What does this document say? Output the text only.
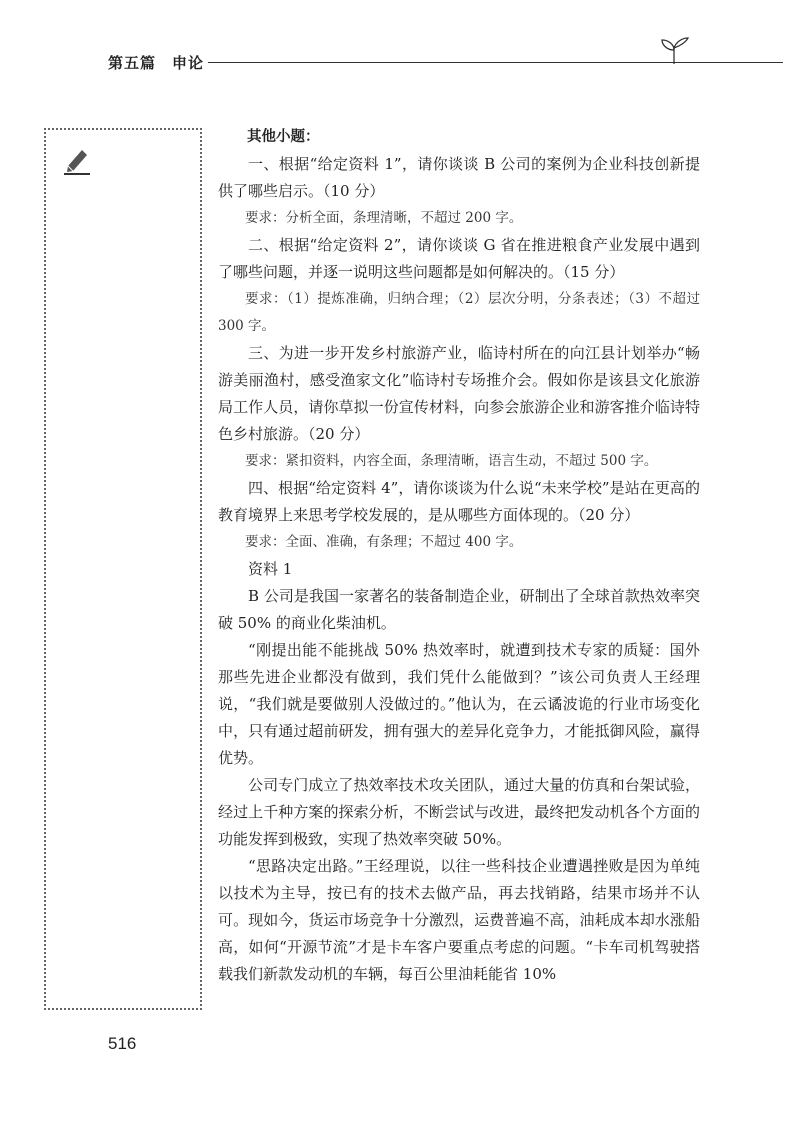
第五篇　申论

其他小题：

一、根据“给定资料 1”，请你谈谈 B 公司的案例为企业科技创新提供了哪些启示。（10 分）

要求：分析全面，条理清晰，不超过 200 字。

二、根据“给定资料 2”，请你谈谈 G 省在推进粮食产业发展中遇到了哪些问题，并逐一说明这些问题都是如何解决的。（15 分）

要求：（1）提炼准确，归纳合理；（2）层次分明，分条表述；（3）不超过 300 字。

三、为进一步开发乡村旅游产业，临诗村所在的向江县计划举办“畅游美丽渔村，感受渔家文化”临诗村专场推介会。假如你是该县文化旅游局工作人员，请你草拟一份宣传材料，向参会旅游企业和游客推介临诗特色乡村旅游。（20 分）

要求：紧扣资料，内容全面，条理清晰，语言生动，不超过 500 字。

四、根据“给定资料 4”，请你谈谈为什么说“未来学校”是站在更高的教育境界上来思考学校发展的，是从哪些方面体现的。（20 分）

要求：全面、准确，有条理；不超过 400 字。

资料 1

B 公司是我国一家著名的装备制造企业，研制出了全球首款热效率突破 50% 的商业化柴油机。

“刚提出能不能挑战 50% 热效率时，就遭到技术专家的质疑：国外那些先进企业都没有做到，我们凭什么能做到？”该公司负责人王经理说，“我们就是要做别人没做过的。”他认为，在云谲波诡的行业市场变化中，只有通过超前研发，拥有强大的差异化竞争力，才能抵御风险，赢得优势。

公司专门成立了热效率技术攻关团队，通过大量的仿真和台架试验，经过上千种方案的探索分析，不断尝试与改进，最终把发动机各个方面的功能发挥到极致，实现了热效率突破 50%。

“思路决定出路。”王经理说，以往一些科技企业遭遇挫败是因为单纯以技术为主导，按已有的技术去做产品，再去找销路，结果市场并不认可。现如今，货运市场竞争十分激烈，运费普遍不高，油耗成本却水涨船高，如何“开源节流”才是卡车客户要重点考虑的问题。“卡车司机驾驶搭载我们新款发动机的车辆，每百公里油耗能省 10%

516
